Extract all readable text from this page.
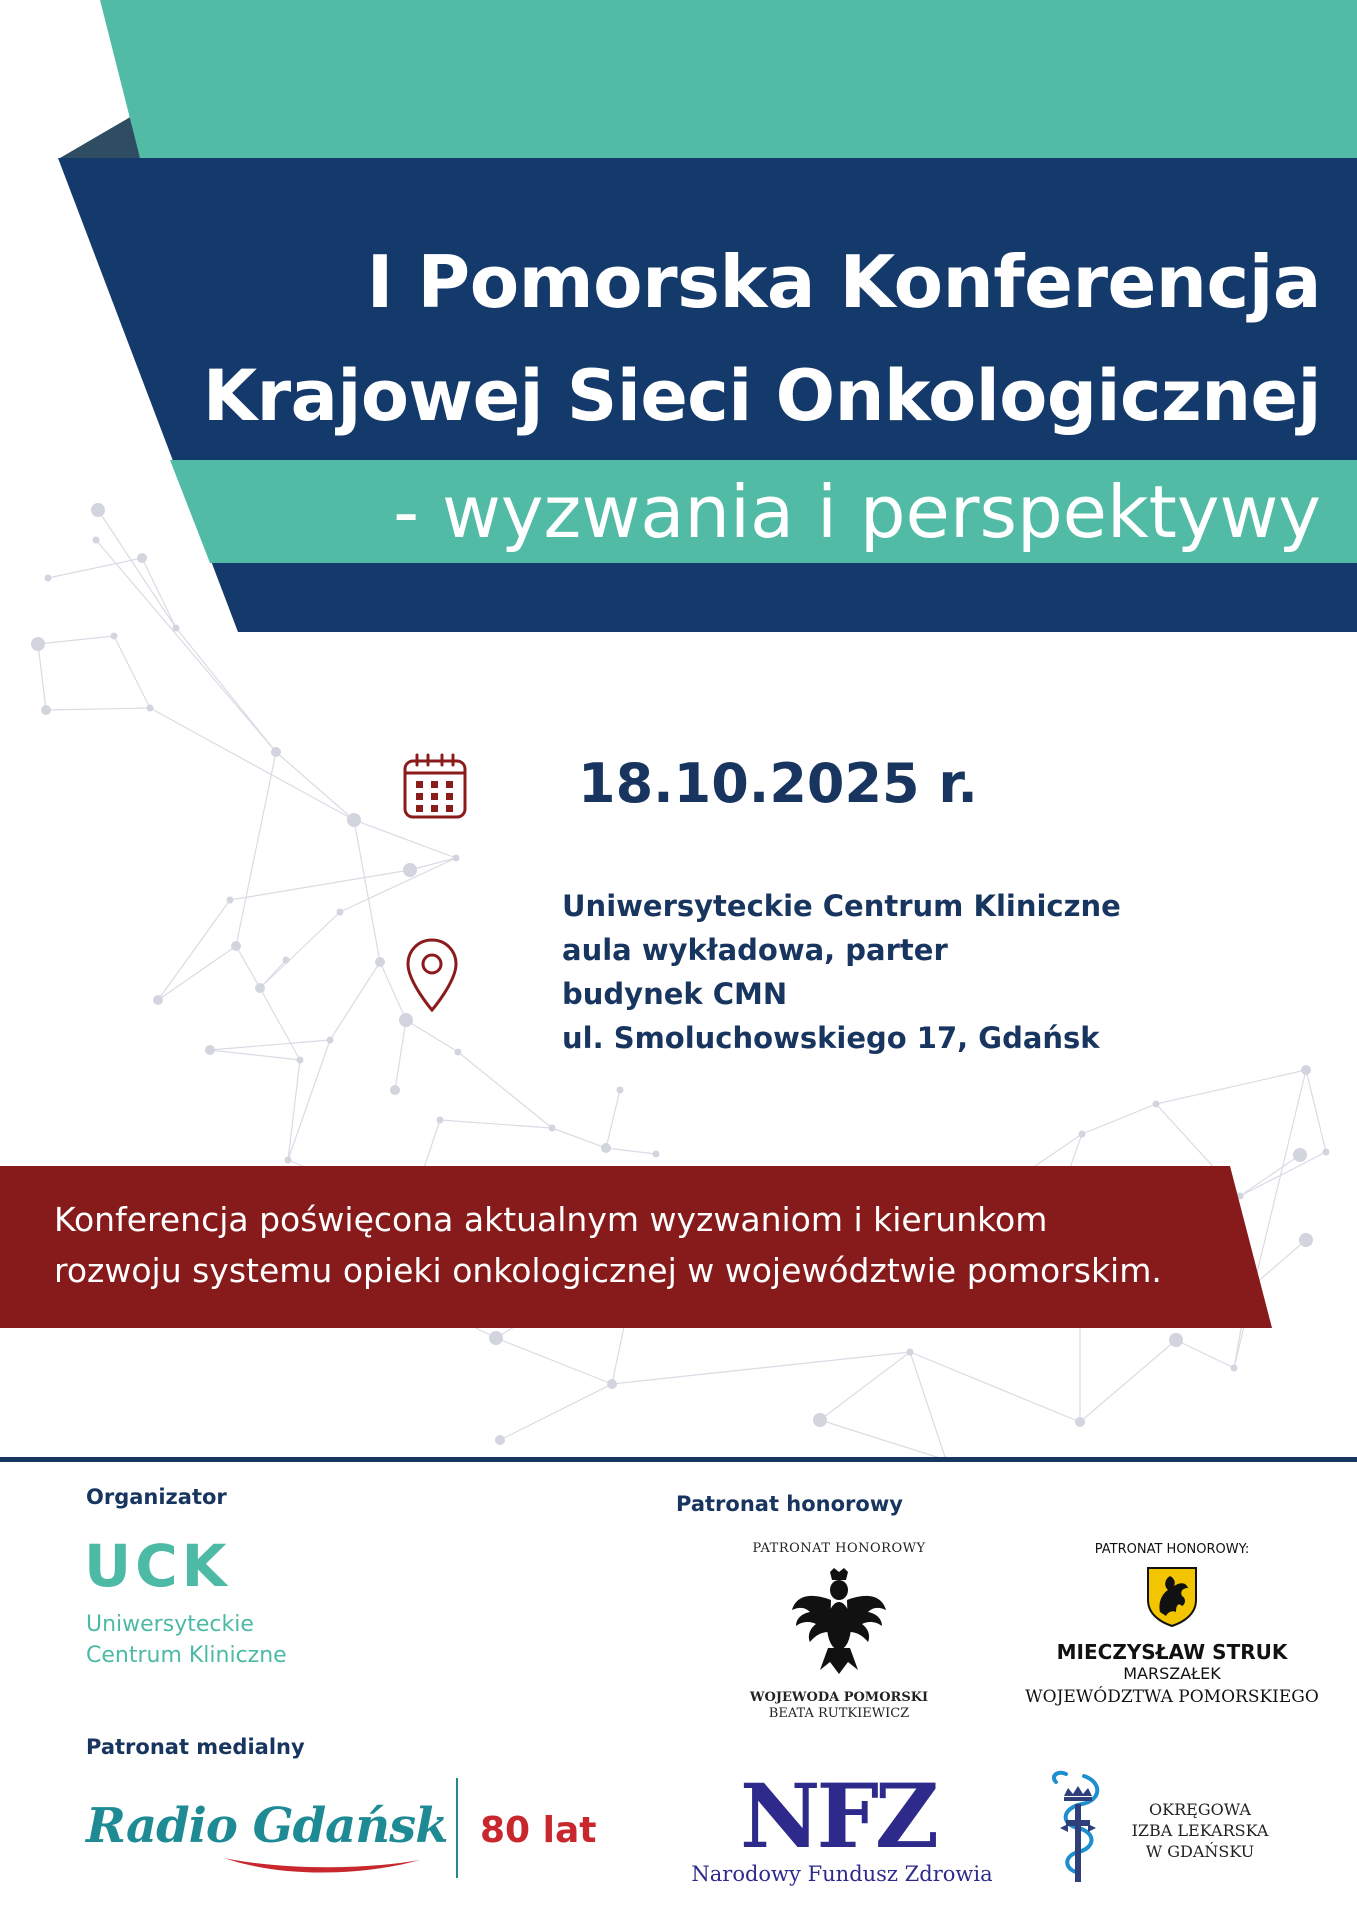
I Pomorska Konferencja
Krajowej Sieci Onkologicznej
- wyzwania i perspektywy
18.10.2025 r.
Uniwersyteckie Centrum Kliniczne
aula wykładowa, parter
budynek CMN
ul. Smoluchowskiego 17, Gdańsk
Konferencja poświęcona aktualnym wyzwaniom i kierunkom
rozwoju systemu opieki onkologicznej w województwie pomorskim.
Organizator
UCK
Uniwersyteckie
Centrum Kliniczne
Patronat medialny
Radio Gdańsk 80 lat
Patronat honorowy
PATRONAT HONOROWY
WOJEWODA POMORSKI
BEATA RUTKIEWICZ
PATRONAT HONOROWY:
MIECZYSŁAW STRUK
MARSZAŁEK
WOJEWÓDZTWA POMORSKIEGO
NFZ
Narodowy Fundusz Zdrowia
OKRĘGOWA
IZBA LEKARSKA
W GDAŃSKU
